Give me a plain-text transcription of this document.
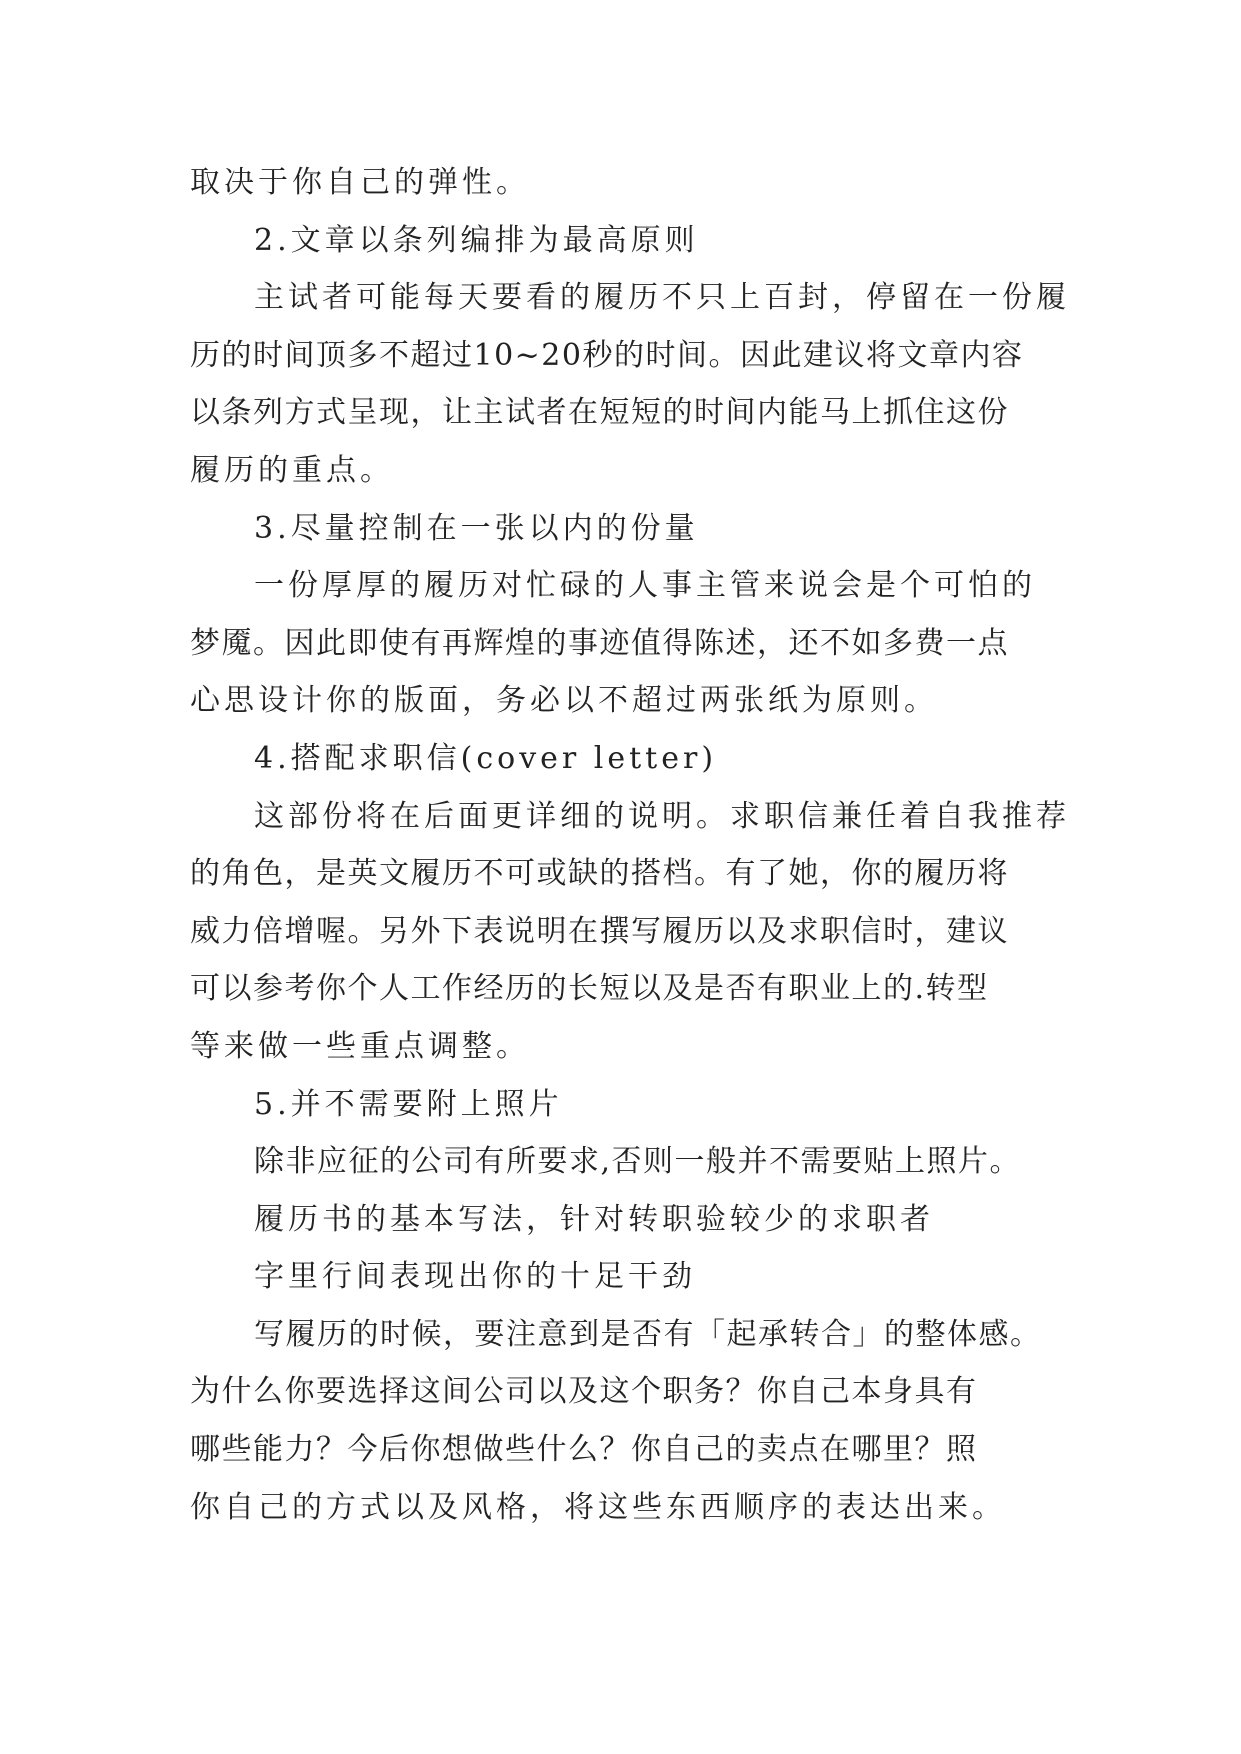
取决于你自己的弹性。
2.文章以条列编排为最高原则
主试者可能每天要看的履历不只上百封，停留在一份履
历的时间顶多不超过10~20秒的时间。因此建议将文章内容
以条列方式呈现，让主试者在短短的时间内能马上抓住这份
履历的重点。
3.尽量控制在一张以内的份量
一份厚厚的履历对忙碌的人事主管来说会是个可怕的
梦魇。因此即使有再辉煌的事迹值得陈述，还不如多费一点
心思设计你的版面，务必以不超过两张纸为原则。
4.搭配求职信(cover letter)
这部份将在后面更详细的说明。求职信兼任着自我推荐
的角色，是英文履历不可或缺的搭档。有了她，你的履历将
威力倍增喔。另外下表说明在撰写履历以及求职信时，建议
可以参考你个人工作经历的长短以及是否有职业上的.转型
等来做一些重点调整。
5.并不需要附上照片
除非应征的公司有所要求,否则一般并不需要贴上照片。
履历书的基本写法，针对转职验较少的求职者
字里行间表现出你的十足干劲
写履历的时候，要注意到是否有「起承转合」的整体感。
为什么你要选择这间公司以及这个职务？你自己本身具有
哪些能力？今后你想做些什么？你自己的卖点在哪里？照
你自己的方式以及风格，将这些东西顺序的表达出来。
